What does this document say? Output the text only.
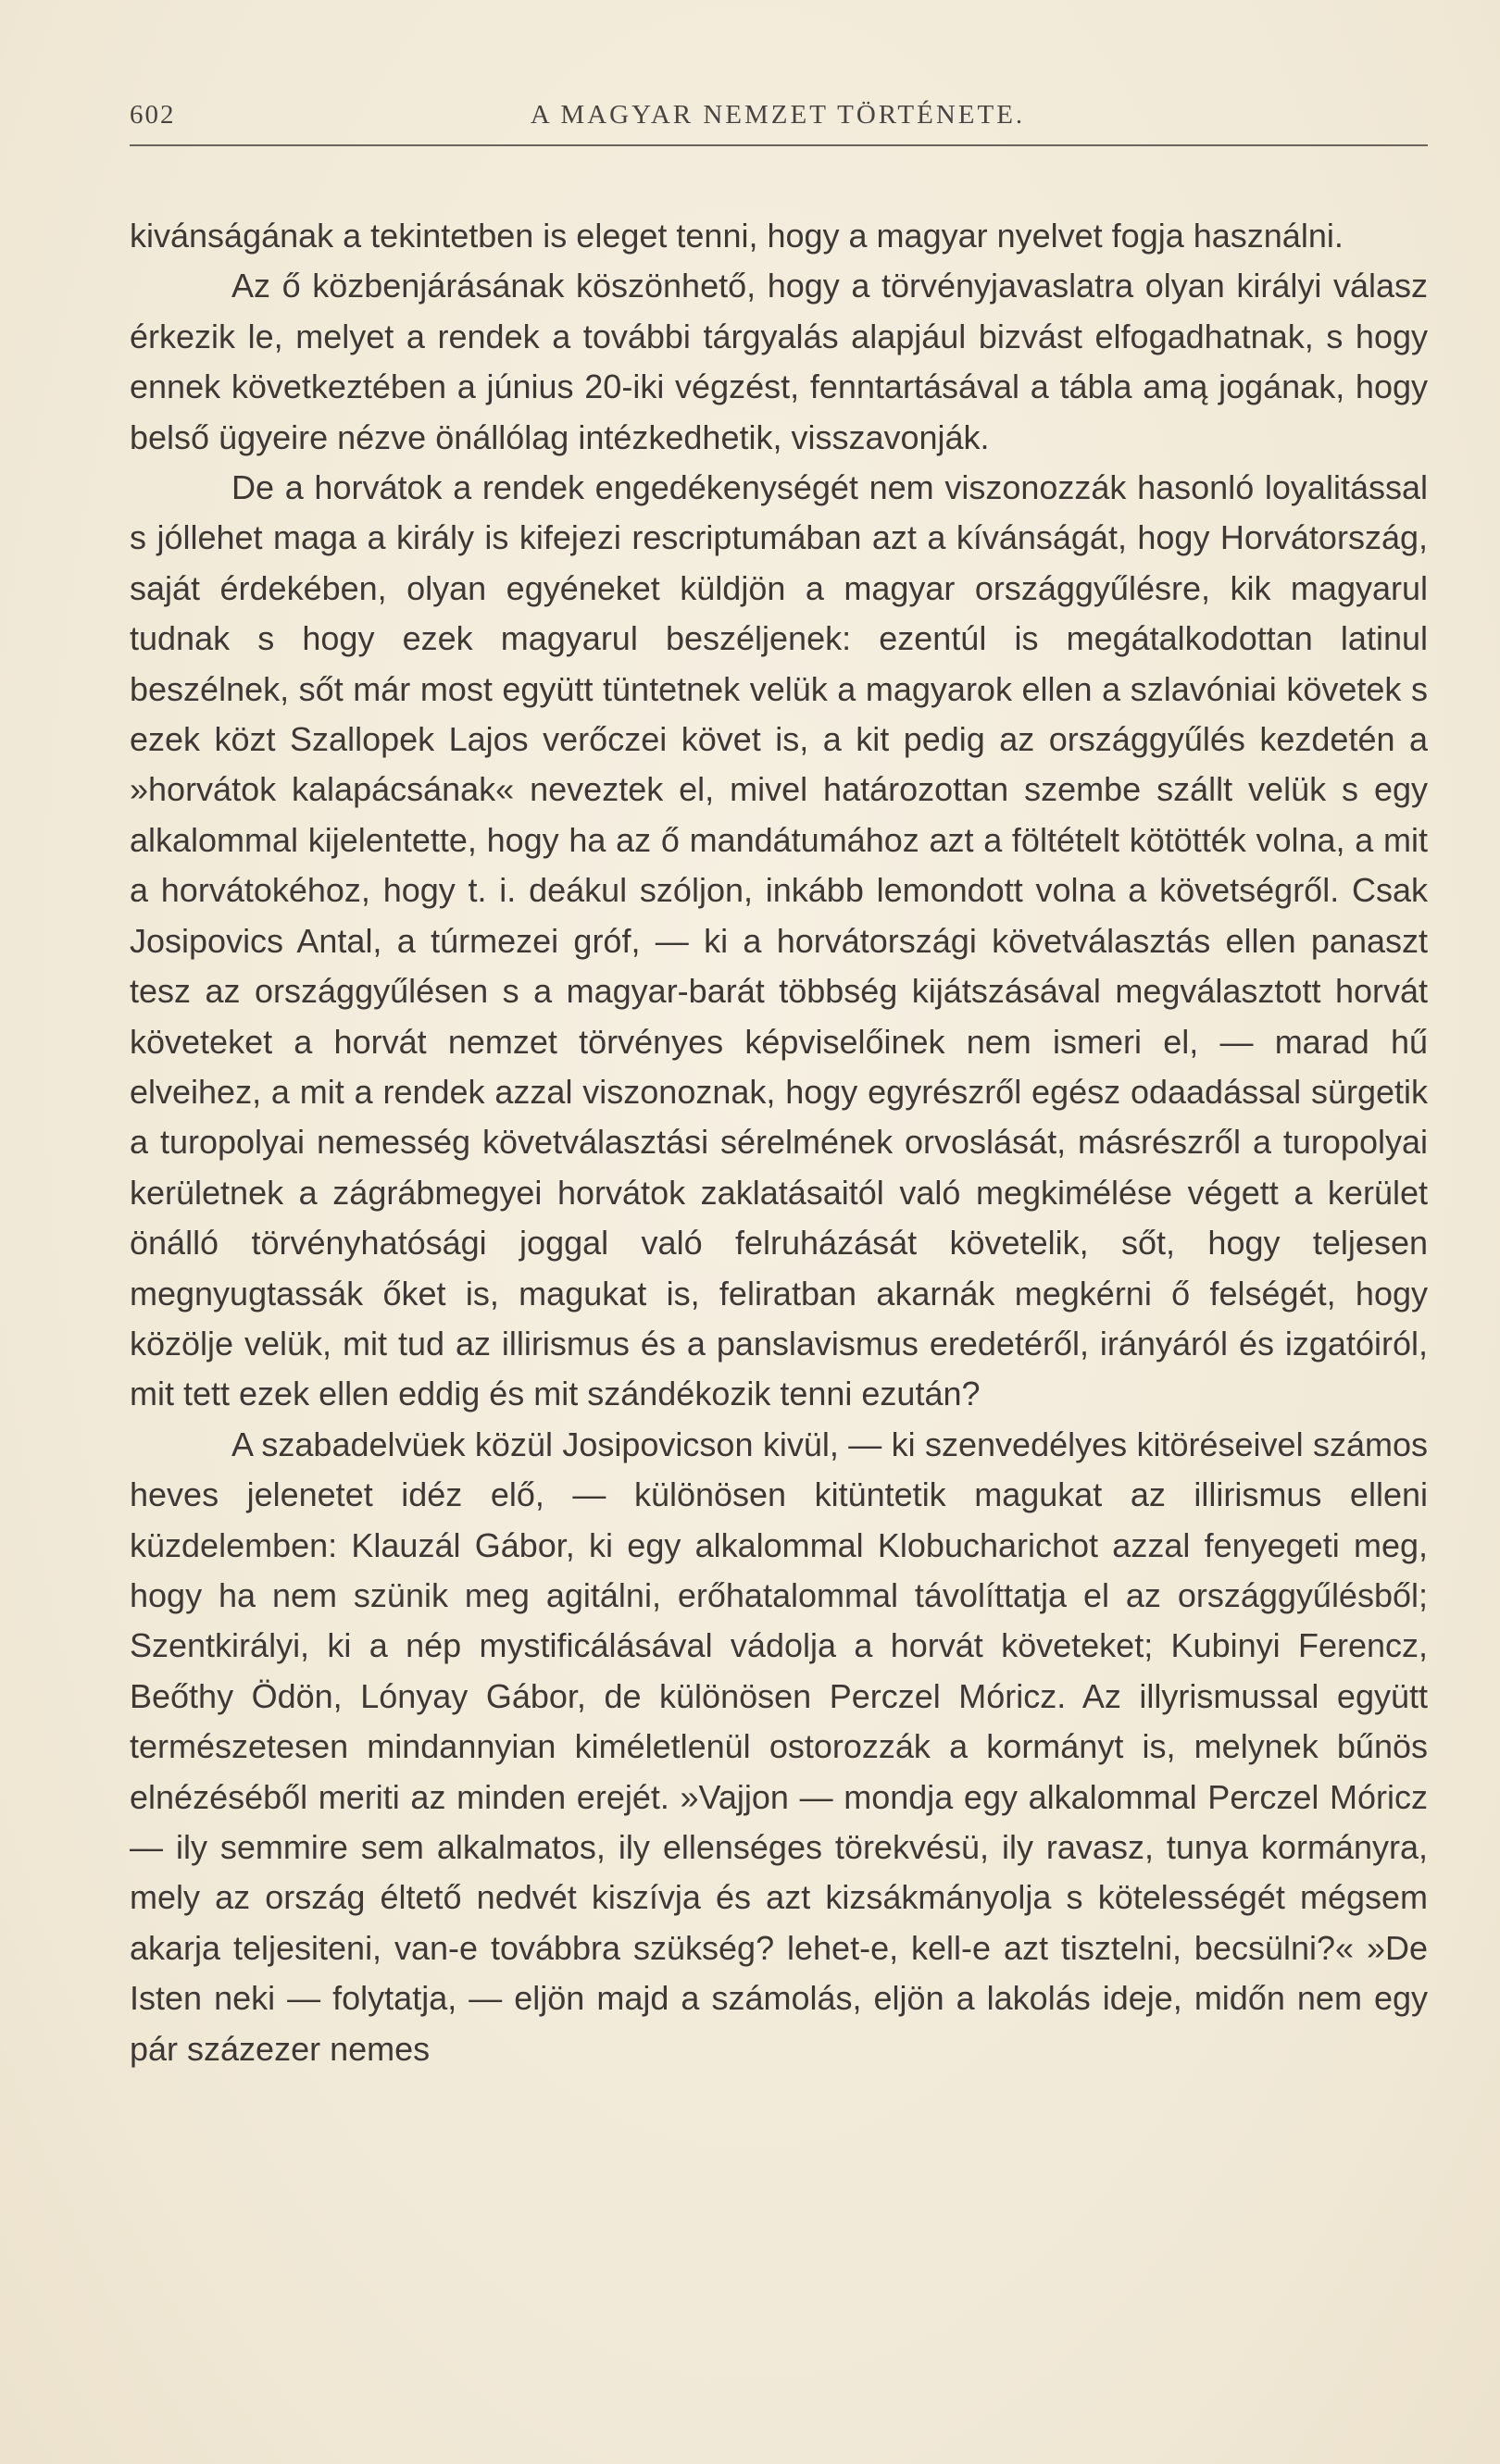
602	A MAGYAR NEMZET TÖRTÉNETE.

kivánságának a tekintetben is eleget tenni, hogy a magyar nyelvet fogja használni.

Az ő közbenjárásának köszönhető, hogy a törvényjavaslatra olyan királyi válasz érkezik le, melyet a rendek a további tárgyalás alapjául bizvást elfogadhatnak, s hogy ennek következtében a június 20-iki végzést, fenntartásával a tábla amą jogának, hogy belső ügyeire nézve önállólag intézkedhetik, visszavonják.

De a horvátok a rendek engedékenységét nem viszonozzák hasonló loyalitással s jóllehet maga a király is kifejezi rescriptumában azt a kívánságát, hogy Horvátország, saját érdekében, olyan egyéneket küldjön a magyar országgyűlésre, kik magyarul tudnak s hogy ezek magyarul beszéljenek: ezentúl is megátalkodottan latinul beszélnek, sőt már most együtt tüntetnek velük a magyarok ellen a szlavóniai követek s ezek közt Szallopek Lajos verőczei követ is, a kit pedig az országgyűlés kezdetén a »horvátok kalapácsának« neveztek el, mivel határozottan szembe szállt velük s egy alkalommal kijelentette, hogy ha az ő mandátumához azt a föltételt kötötték volna, a mit a horvátokéhoz, hogy t. i. deákul szóljon, inkább lemondott volna a követségről. Csak Josipovics Antal, a túrmezei gróf, — ki a horvátországi követválasztás ellen panaszt tesz az országgyűlésen s a magyar-barát többség kijátszásával megválasztott horvát követeket a horvát nemzet törvényes képviselőinek nem ismeri el, — marad hű elveihez, a mit a rendek azzal viszonoznak, hogy egyrészről egész odaadással sürgetik a turopolyai nemesség követválasztási sérelmének orvoslását, másrészről a turopolyai kerületnek a zágrábmegyei horvátok zaklatásaitól való megkimélése végett a kerület önálló törvényhatósági joggal való felruházását követelik, sőt, hogy teljesen megnyugtassák őket is, magukat is, feliratban akarnák megkérni ő felségét, hogy közölje velük, mit tud az illirismus és a panslavismus eredetéről, irányáról és izgatóiról, mit tett ezek ellen eddig és mit szándékozik tenni ezután?

A szabadelvüek közül Josipovicson kivül, — ki szenvedélyes kitöréseivel számos heves jelenetet idéz elő, — különösen kitüntetik magukat az illirismus elleni küzdelemben: Klauzál Gábor, ki egy alkalommal Klobucharichot azzal fenyegeti meg, hogy ha nem szünik meg agitálni, erőhatalommal távolíttatja el az országgyűlésből; Szentkirályi, ki a nép mystificálásával vádolja a horvát követeket; Kubinyi Ferencz, Beőthy Ödön, Lónyay Gábor, de különösen Perczel Móricz. Az illyrismussal együtt természetesen mindannyian kiméletlenül ostorozzák a kormányt is, melynek bűnös elnézéséből meriti az minden erejét. »Vajjon — mondja egy alkalommal Perczel Móricz — ily semmire sem alkalmatos, ily ellenséges törekvésü, ily ravasz, tunya kormányra, mely az ország éltető nedvét kiszívja és azt kizsákmányolja s kötelességét mégsem akarja teljesiteni, van-e továbbra szükség? lehet-e, kell-e azt tisztelni, becsülni?« »De Isten neki — folytatja, — eljön majd a számolás, eljön a lakolás ideje, midőn nem egy pár százezer nemes
